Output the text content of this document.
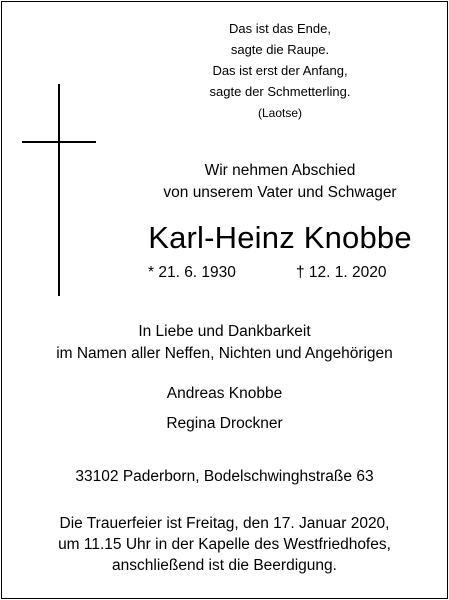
Das ist das Ende,
sagte die Raupe.
Das ist erst der Anfang,
sagte der Schmetterling.
(Laotse)
Wir nehmen Abschied
von unserem Vater und Schwager
Karl-Heinz Knobbe
* 21. 6. 1930	† 12. 1. 2020
In Liebe und Dankbarkeit
im Namen aller Neffen, Nichten und Angehörigen
Andreas Knobbe
Regina Drockner
33102 Paderborn, Bodelschwinghstraße 63
Die Trauerfeier ist Freitag, den 17. Januar 2020,
um 11.15 Uhr in der Kapelle des Westfriedhofes,
anschließend ist die Beerdigung.
